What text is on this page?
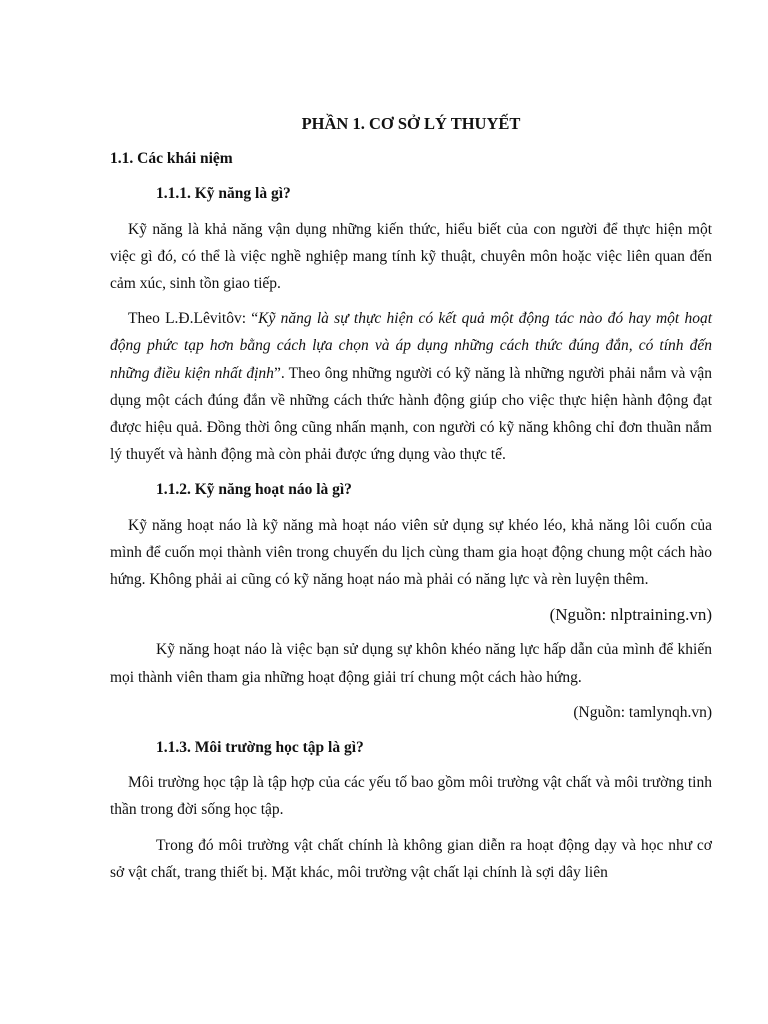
PHẦN 1. CƠ SỞ LÝ THUYẾT
1.1. Các khái niệm
1.1.1. Kỹ năng là gì?

Kỹ năng là khả năng vận dụng những kiến thức, hiểu biết của con người để thực hiện một việc gì đó, có thể là việc nghề nghiệp mang tính kỹ thuật, chuyên môn hoặc việc liên quan đến cảm xúc, sinh tồn giao tiếp.

Theo L.Đ.Lêvitôv: “Kỹ năng là sự thực hiện có kết quả một động tác nào đó hay một hoạt động phức tạp hơn bằng cách lựa chọn và áp dụng những cách thức đúng đắn, có tính đến những điều kiện nhất định”. Theo ông những người có kỹ năng là những người phải nắm và vận dụng một cách đúng đắn về những cách thức hành động giúp cho việc thực hiện hành động đạt được hiệu quả. Đồng thời ông cũng nhấn mạnh, con người có kỹ năng không chỉ đơn thuần nắm lý thuyết và hành động mà còn phải được ứng dụng vào thực tế.

1.1.2. Kỹ năng hoạt náo là gì?

Kỹ năng hoạt náo là kỹ năng mà hoạt náo viên sử dụng sự khéo léo, khả năng lôi cuốn của mình để cuốn mọi thành viên trong chuyến du lịch cùng tham gia hoạt động chung một cách hào hứng. Không phải ai cũng có kỹ năng hoạt náo mà phải có năng lực và rèn luyện thêm.

(Nguồn: nlptraining.vn)

Kỹ năng hoạt náo là việc bạn sử dụng sự khôn khéo năng lực hấp dẫn của mình để khiến mọi thành viên tham gia những hoạt động giải trí chung một cách hào hứng.

(Nguồn: tamlynqh.vn)
1.1.3. Môi trường học tập là gì?

Môi trường học tập là tập hợp của các yếu tố bao gồm môi trường vật chất và môi trường tinh thần trong đời sống học tập.

Trong đó môi trường vật chất chính là không gian diễn ra hoạt động dạy và học như cơ sở vật chất, trang thiết bị. Mặt khác, môi trường vật chất lại chính là sợi dây liên
